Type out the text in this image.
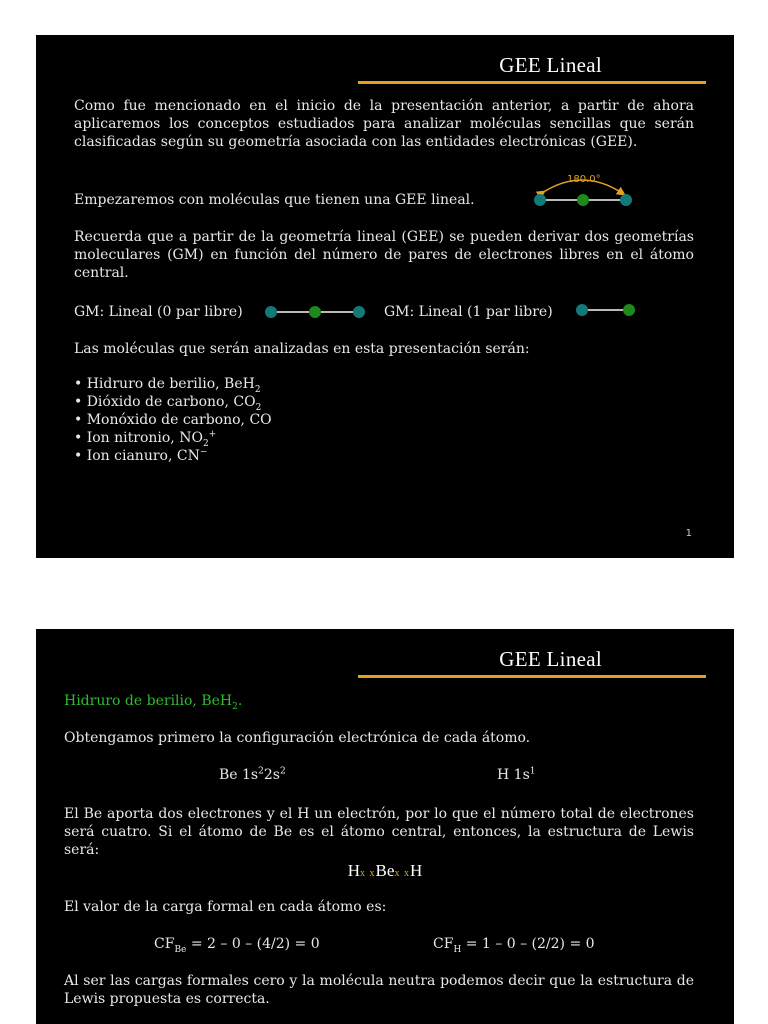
GEE Lineal

Como fue mencionado en el inicio de la presentación anterior, a partir de ahora aplicaremos los conceptos estudiados para analizar moléculas sencillas que serán clasificadas según su geometría asociada con las entidades electrónicas (GEE).

Empezaremos con moléculas que tienen una GEE lineal.

180.0°

Recuerda que a partir de la geometría lineal (GEE) se pueden derivar dos geometrías moleculares (GM) en función del número de pares de electrones libres en el átomo central.

GM: Lineal (0 par libre)	GM: Lineal (1 par libre)

Las moléculas que serán analizadas en esta presentación serán:

• Hidruro de berilio, BeH$_2$
• Dióxido de carbono, $CO_2$
• Monóxido de carbono, CO
• Ion nitronio, $NO_2^+$
• Ion cianuro, CN−
1
GEE Lineal

Hidruro de berilio, BeH$_2$.

Obtengamos primero la configuración electrónica de cada átomo.

Be $1s^22s^2$	H $1s^1$

El Be aporta dos electrones y el H un electrón, por lo que el número total de electrones será cuatro. Si el átomo de Be es el átomo central, entonces, la estructura de Lewis será:

Hx xBex xH

El valor de la carga formal en cada átomo es:

$CF_{Be} = 2 - 0 - (4/2) = 0$	$CF_H = 1 - 0 - (2/2) = 0$

Al ser las cargas formales cero y la molécula neutra podemos decir que la estructura de Lewis propuesta es correcta.
